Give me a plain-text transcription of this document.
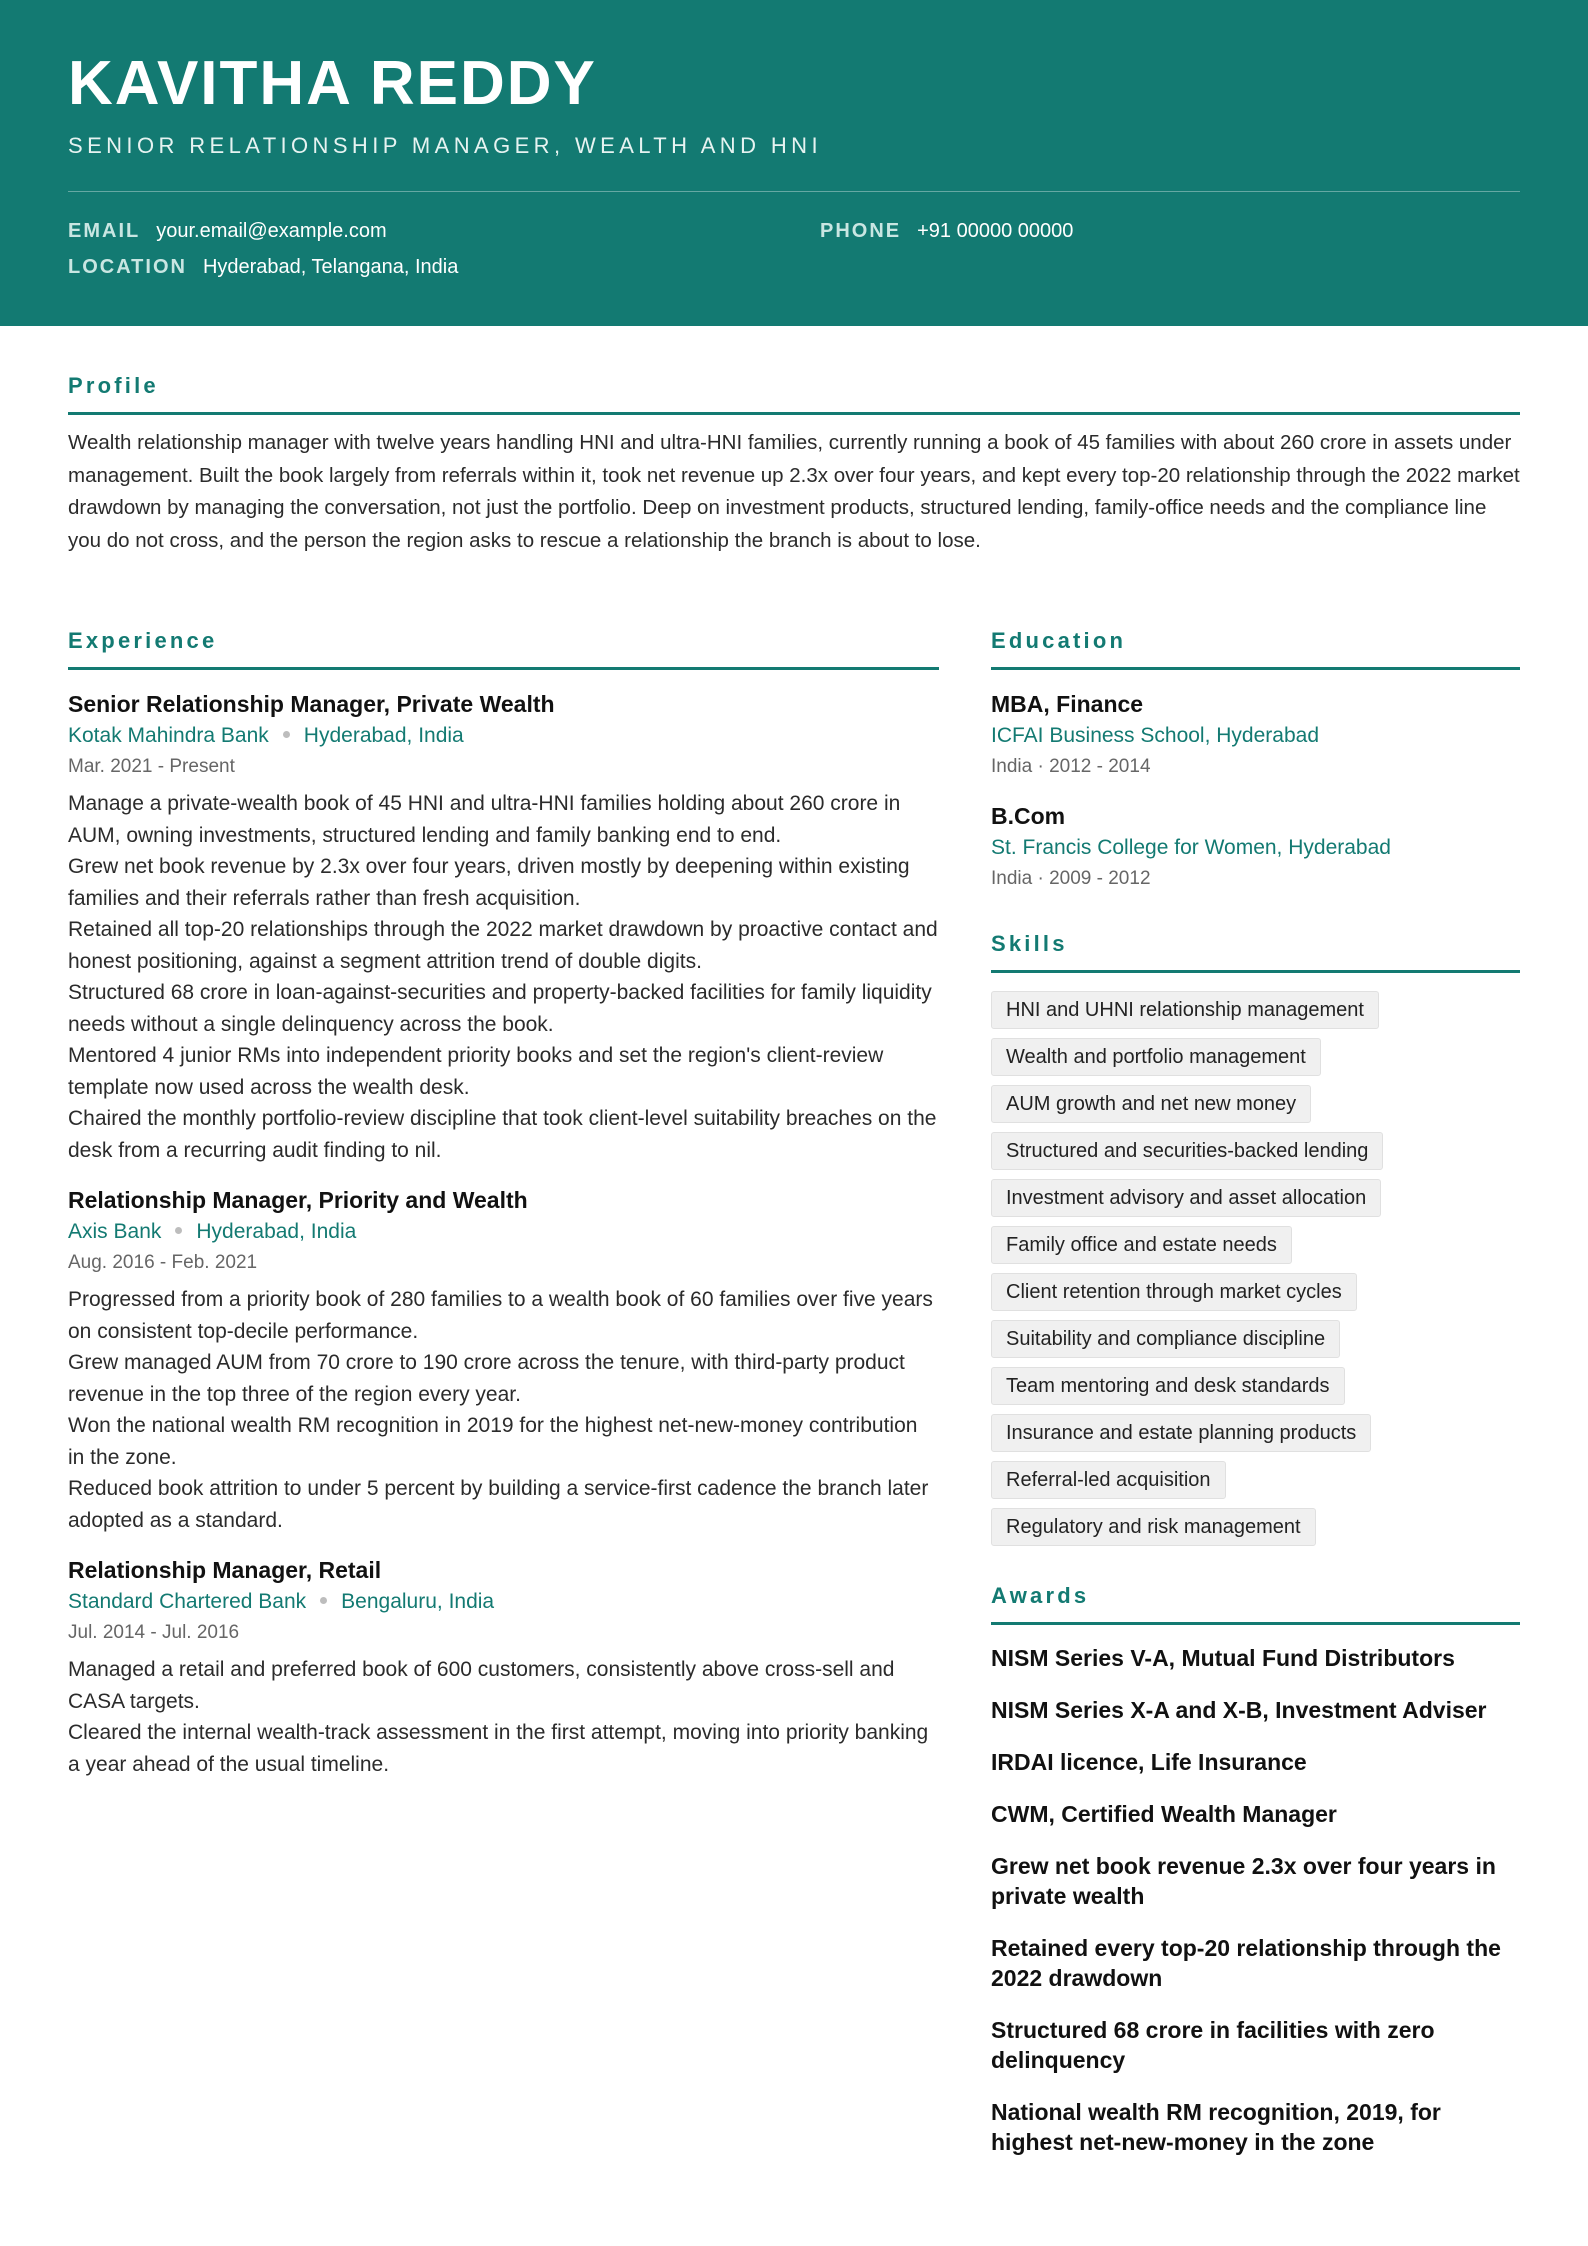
KAVITHA REDDY
SENIOR RELATIONSHIP MANAGER, WEALTH AND HNI
EMAIL your.email@example.com	PHONE +91 00000 00000
LOCATION Hyderabad, Telangana, India
Profile
Wealth relationship manager with twelve years handling HNI and ultra-HNI families, currently running a book of 45 families with about 260 crore in assets under management. Built the book largely from referrals within it, took net revenue up 2.3x over four years, and kept every top-20 relationship through the 2022 market drawdown by managing the conversation, not just the portfolio. Deep on investment products, structured lending, family-office needs and the compliance line you do not cross, and the person the region asks to rescue a relationship the branch is about to lose.
Experience
Senior Relationship Manager, Private Wealth
Kotak Mahindra Bank Hyderabad, India
Mar. 2021 - Present
Manage a private-wealth book of 45 HNI and ultra-HNI families holding about 260 crore in AUM, owning investments, structured lending and family banking end to end.
Grew net book revenue by 2.3x over four years, driven mostly by deepening within existing families and their referrals rather than fresh acquisition.
Retained all top-20 relationships through the 2022 market drawdown by proactive contact and honest positioning, against a segment attrition trend of double digits.
Structured 68 crore in loan-against-securities and property-backed facilities for family liquidity needs without a single delinquency across the book.
Mentored 4 junior RMs into independent priority books and set the region's client-review template now used across the wealth desk.
Chaired the monthly portfolio-review discipline that took client-level suitability breaches on the desk from a recurring audit finding to nil.
Relationship Manager, Priority and Wealth
Axis Bank Hyderabad, India
Aug. 2016 - Feb. 2021
Progressed from a priority book of 280 families to a wealth book of 60 families over five years on consistent top-decile performance.
Grew managed AUM from 70 crore to 190 crore across the tenure, with third-party product revenue in the top three of the region every year.
Won the national wealth RM recognition in 2019 for the highest net-new-money contribution in the zone.
Reduced book attrition to under 5 percent by building a service-first cadence the branch later adopted as a standard.
Relationship Manager, Retail
Standard Chartered Bank Bengaluru, India
Jul. 2014 - Jul. 2016
Managed a retail and preferred book of 600 customers, consistently above cross-sell and CASA targets.
Cleared the internal wealth-track assessment in the first attempt, moving into priority banking a year ahead of the usual timeline.
Education
MBA, Finance
ICFAI Business School, Hyderabad
India · 2012 - 2014
B.Com
St. Francis College for Women, Hyderabad
India · 2009 - 2012
Skills
HNI and UHNI relationship management
Wealth and portfolio management
AUM growth and net new money
Structured and securities-backed lending
Investment advisory and asset allocation
Family office and estate needs
Client retention through market cycles
Suitability and compliance discipline
Team mentoring and desk standards
Insurance and estate planning products
Referral-led acquisition
Regulatory and risk management
Awards
NISM Series V-A, Mutual Fund Distributors
NISM Series X-A and X-B, Investment Adviser
IRDAI licence, Life Insurance
CWM, Certified Wealth Manager
Grew net book revenue 2.3x over four years in private wealth
Retained every top-20 relationship through the 2022 drawdown
Structured 68 crore in facilities with zero delinquency
National wealth RM recognition, 2019, for highest net-new-money in the zone
